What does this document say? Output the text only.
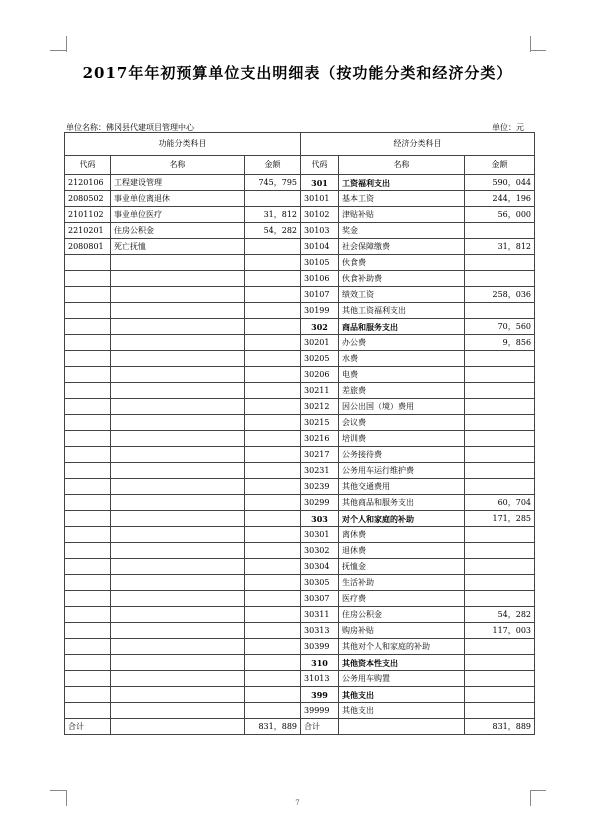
2017年年初预算单位支出明细表（按功能分类和经济分类）
单位名称：佛冈县代建项目管理中心	单位：元
功能分类科目			经济分类科目		
代码	名称	金额	代码	名称	金额
2120106	工程建设管理	745，795	301	工资福利支出	590，044
2080502	事业单位离退休		30101	基本工资	244，196
2101102	事业单位医疗	31，812	30102	津贴补贴	56，000
2210201	住房公积金	54，282	30103	奖金	
2080801	死亡抚恤		30104	社会保障缴费	31，812
			30105	伙食费	
			30106	伙食补助费	
			30107	绩效工资	258，036
			30199	其他工资福利支出	
			302	商品和服务支出	70，560
			30201	办公费	9，856
			30205	水费	
			30206	电费	
			30211	差旅费	
			30212	因公出国（境）费用	
			30215	会议费	
			30216	培训费	
			30217	公务接待费	
			30231	公务用车运行维护费	
			30239	其他交通费用	
			30299	其他商品和服务支出	60，704
			303	对个人和家庭的补助	171，285
			30301	离休费	
			30302	退休费	
			30304	抚恤金	
			30305	生活补助	
			30307	医疗费	
			30311	住房公积金	54，282
			30313	购房补贴	117，003
			30399	其他对个人和家庭的补助	
			310	其他资本性支出	
			31013	公务用车购置	
			399	其他支出	
			39999	其他支出	
合计		831，889	合计		831，889
7
